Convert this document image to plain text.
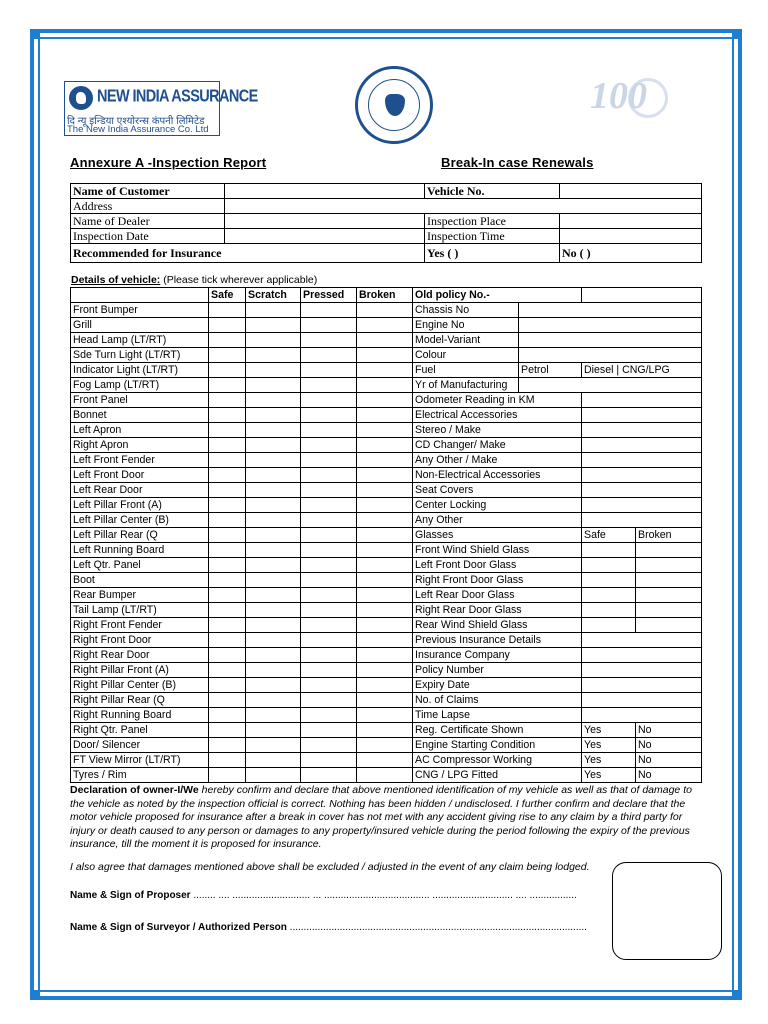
NEW INDIA ASSURANCE
दि न्यू इन्डिया एश्योरन्स कंपनी लिमिटेड
The New India Assurance Co. Ltd
100
Annexure A -Inspection Report	Break-In case Renewals
Name of Customer		Vehicle No.	
Address			
Name of Dealer		Inspection Place	
Inspection Date		Inspection Time	
Recommended for Insurance		Yes ( )	No ( )
Details of vehicle: (Please tick wherever applicable)
	Safe	Scratch	Pressed	Broken	Old policy No.-			
Front Bumper					Chassis No			
Grill					Engine No			
Head Lamp (LT/RT)					Model-Variant			
Sde Turn Light (LT/RT)					Colour			
Indicator Light (LT/RT)					Fuel	Petrol	Diesel | CNG/LPG	
Fog Lamp (LT/RT)					Yr of Manufacturing			
Front Panel					Odometer Reading in KM			
Bonnet					Electrical Accessories			
Left Apron					Stereo / Make			
Right Apron					CD Changer/ Make			
Left Front Fender					Any Other / Make			
Left Front Door					Non-Electrical Accessories			
Left Rear Door					Seat Covers			
Left Pillar Front (A)					Center Locking			
Left Pillar Center (B)					Any Other			
Left Pillar Rear (Q					Glasses		Safe	Broken
Left Running Board					Front Wind Shield Glass			
Left Qtr. Panel					Left Front Door Glass			
Boot					Right Front Door Glass			
Rear Bumper					Left Rear Door Glass			
Tail Lamp (LT/RT)					Right Rear Door Glass			
Right Front Fender					Rear Wind Shield Glass			
Right Front Door					Previous Insurance Details			
Right Rear Door					Insurance Company			
Right Pillar Front (A)					Policy Number			
Right Pillar Center (B)					Expiry Date			
Right Pillar Rear (Q					No. of Claims			
Right Running Board					Time Lapse			
Right Qtr. Panel					Reg. Certificate Shown		Yes	No
Door/ Silencer					Engine Starting Condition		Yes	No
FT View Mirror (LT/RT)					AC Compressor Working		Yes	No
Tyres / Rim					CNG / LPG Fitted		Yes	No
Declaration of owner-I/We hereby confirm and declare that above mentioned identification of my vehicle as well as that of damage to the vehicle as noted by the inspection official is correct. Nothing has been hidden / undisclosed. I further confirm and declare that the motor vehicle proposed for insurance after a break in cover has not met with any accident giving rise to any claim by a third party for injury or death caused to any person or damages to any property/insured vehicle during the period following the expiry of the previous insurance, till the moment it is proposed for insurance.
I also agree that damages mentioned above shall be excluded / adjusted in the event of any claim being lodged.
Name & Sign of Proposer ........ .... ............................ ... ...................................... ............................. .... .................
Name & Sign of Surveyor / Authorized Person ...........................................................................................................
